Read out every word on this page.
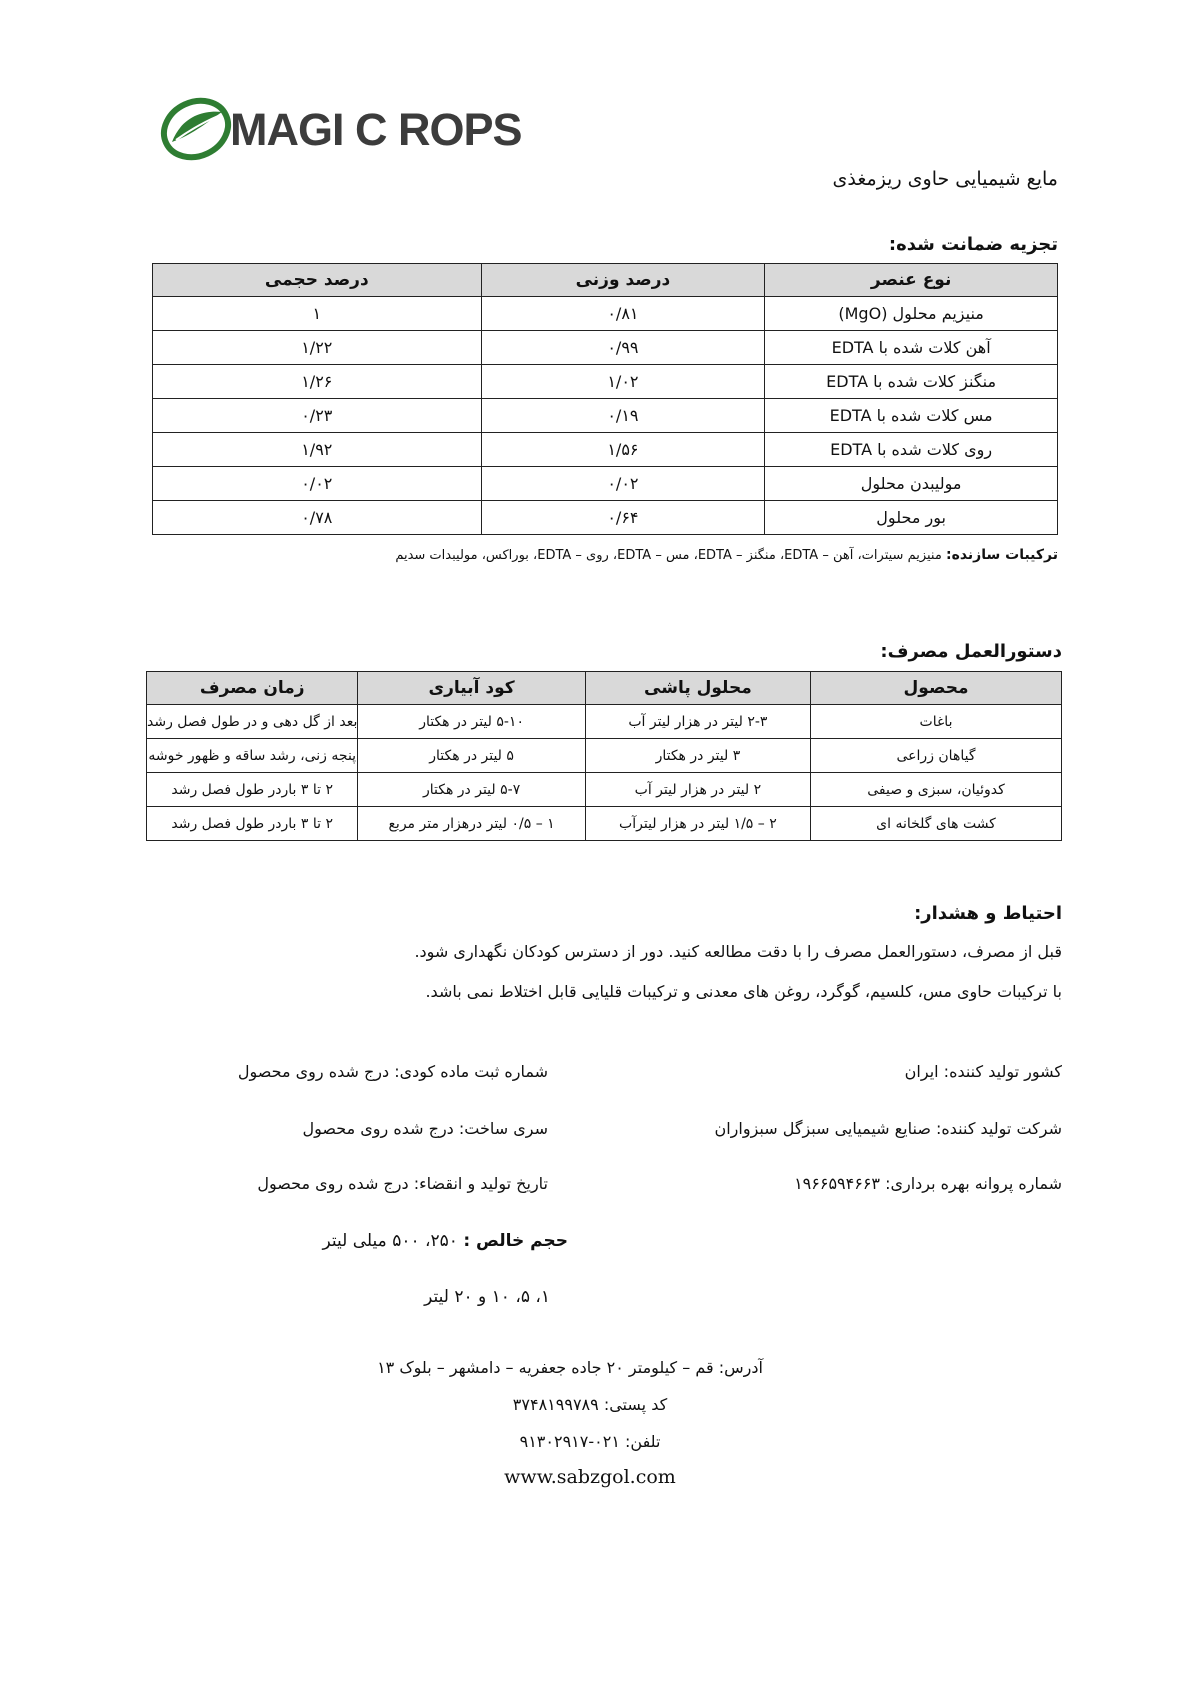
MAGI C ROPS
مایع شیمیایی حاوی ریزمغذی
تجزیه ضمانت شده:
نوع عنصر	درصد وزنی	درصد حجمی
منیزیم محلول (MgO)	۰/۸۱	۱
آهن کلات شده با EDTA	۰/۹۹	۱/۲۲
منگنز کلات شده با EDTA	۱/۰۲	۱/۲۶
مس کلات شده با EDTA	۰/۱۹	۰/۲۳
روی کلات شده با EDTA	۱/۵۶	۱/۹۲
مولیبدن محلول	۰/۰۲	۰/۰۲
بور محلول	۰/۶۴	۰/۷۸
ترکیبات سازنده: منیزیم سیترات، آهن – EDTA، منگنز – EDTA، مس – EDTA، روی – EDTA، بوراکس، مولیبدات سدیم
دستورالعمل مصرف:
محصول	محلول پاشی	کود آبیاری	زمان مصرف
باغات	۲-۳ لیتر در هزار لیتر آب	۵-۱۰ لیتر در هکتار	بعد از گل دهی و در طول فصل رشد
گیاهان زراعی	۳ لیتر در هکتار	۵ لیتر در هکتار	پنجه زنی، رشد ساقه و ظهور خوشه
کدوئیان، سبزی و صیفی	۲ لیتر در هزار لیتر آب	۵-۷ لیتر در هکتار	۲ تا ۳ باردر طول فصل رشد
کشت های گلخانه ای	۲ – ۱/۵ لیتر در هزار لیترآب	۱ – ۰/۵ لیتر درهزار متر مربع	۲ تا ۳ باردر طول فصل رشد
احتیاط و هشدار:
قبل از مصرف، دستورالعمل مصرف را با دقت مطالعه کنید. دور از دسترس کودکان نگهداری شود.
با ترکیبات حاوی مس، کلسیم، گوگرد، روغن های معدنی و ترکیبات قلیایی قابل اختلاط نمی باشد.
کشور تولید کننده: ایران
شماره ثبت ماده کودی: درج شده روی محصول
شرکت تولید کننده: صنایع شیمیایی سبزگل سبزواران
سری ساخت: درج شده روی محصول
شماره پروانه بهره برداری: ۱۹۶۶۵۹۴۶۶۳
تاریخ تولید و انقضاء: درج شده روی محصول
حجم خالص : ۲۵۰، ۵۰۰ میلی لیتر
۱، ۵، ۱۰ و ۲۰ لیتر
آدرس: قم – کیلومتر ۲۰ جاده جعفریه – دامشهر – بلوک ۱۳
کد پستی: ۳۷۴۸۱۹۹۷۸۹
تلفن: ۰۲۱-۹۱۳۰۲۹۱۷
www.sabzgol.com
